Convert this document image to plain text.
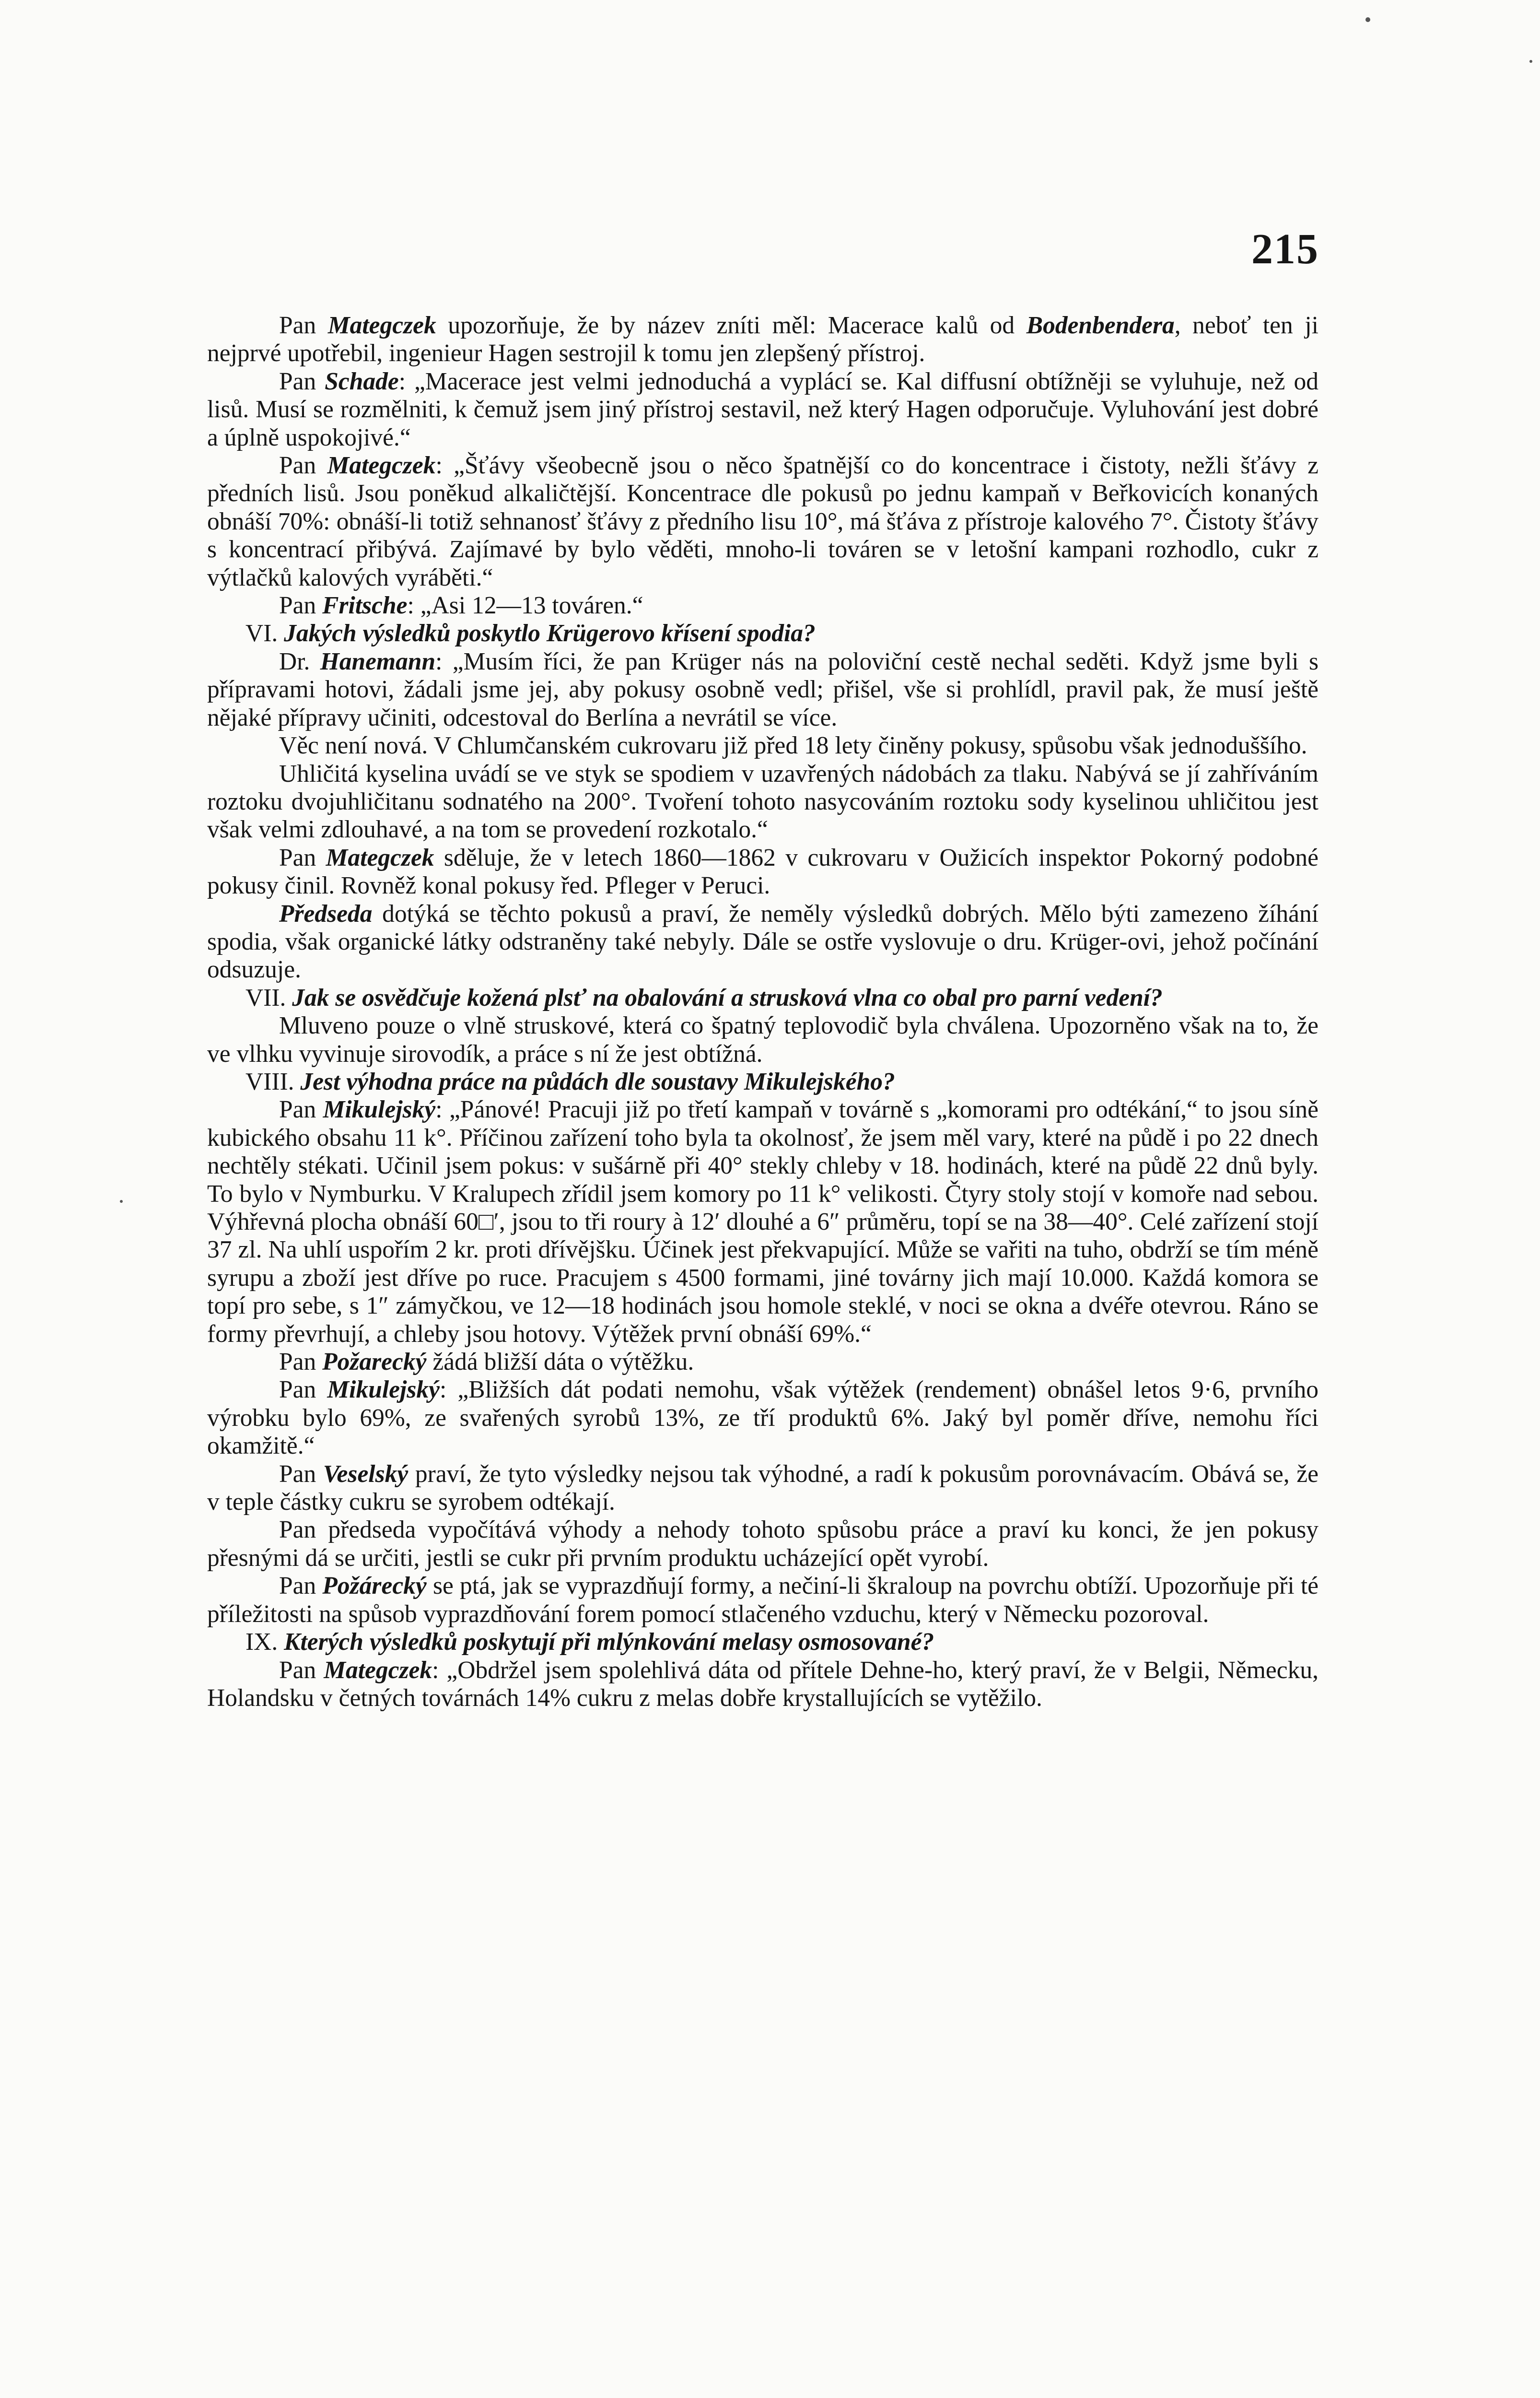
215

Pan Mategczek upozorňuje, že by název zníti měl: Macerace kalů od Bodenbendera, neboť ten ji nejprvé upotřebil, ingenieur Hagen sestrojil k tomu jen zlepšený přístroj.

Pan Schade: „Macerace jest velmi jednoduchá a vyplácí se. Kal diffusní obtížněji se vyluhuje, než od lisů. Musí se rozmělniti, k čemuž jsem jiný přístroj sestavil, než který Hagen odporučuje. Vyluhování jest dobré a úplně uspokojivé.“

Pan Mategczek: „Šťávy všeobecně jsou o něco špatnější co do koncentrace i čistoty, nežli šťávy z předních lisů. Jsou poněkud alkaličtější. Koncentrace dle pokusů po jednu kampaň v Beřkovicích konaných obnáší 70%: obnáší-li totiž sehnanosť šťávy z předního lisu 10°, má šťáva z přístroje kalového 7°. Čistoty šťávy s koncentrací přibývá. Zajímavé by bylo věděti, mnoho-li továren se v letošní kampani rozhodlo, cukr z výtlačků kalových vyráběti.“

Pan Fritsche: „Asi 12—13 továren.“

VI. Jakých výsledků poskytlo Krügerovo křísení spodia?

Dr. Hanemann: „Musím říci, že pan Krüger nás na poloviční cestě nechal seděti. Když jsme byli s přípravami hotovi, žádali jsme jej, aby pokusy osobně vedl; přišel, vše si prohlídl, pravil pak, že musí ještě nějaké přípravy učiniti, odcestoval do Berlína a nevrátil se více.

Věc není nová. V Chlumčanském cukrovaru již před 18 lety činěny pokusy, spůsobu však jednoduššího.

Uhličitá kyselina uvádí se ve styk se spodiem v uzavřených nádobách za tlaku. Nabývá se jí zahříváním roztoku dvojuhličitanu sodnatého na 200°. Tvoření tohoto nasycováním roztoku sody kyselinou uhličitou jest však velmi zdlouhavé, a na tom se provedení rozkotalo.“

Pan Mategczek sděluje, že v letech 1860—1862 v cukrovaru v Oužicích inspektor Pokorný podobné pokusy činil. Rovněž konal pokusy řed. Pfleger v Peruci.

Předseda dotýká se těchto pokusů a praví, že neměly výsledků dobrých. Mělo býti zamezeno žíhání spodia, však organické látky odstraněny také nebyly. Dále se ostře vyslovuje o dru. Krüger-ovi, jehož počínání odsuzuje.

VII. Jak se osvědčuje kožená plsť na obalování a strusková vlna co obal pro parní vedení?

Mluveno pouze o vlně struskové, která co špatný teplovodič byla chválena. Upozorněno však na to, že ve vlhku vyvinuje sirovodík, a práce s ní že jest obtížná.

VIII. Jest výhodna práce na půdách dle soustavy Mikulejského?

Pan Mikulejský: „Pánové! Pracuji již po třetí kampaň v továrně s „komorami pro odtékání,“ to jsou síně kubického obsahu 11 k°. Příčinou zařízení toho byla ta okolnosť, že jsem měl vary, které na půdě i po 22 dnech nechtěly stékati. Učinil jsem pokus: v sušárně při 40° stekly chleby v 18. hodinách, které na půdě 22 dnů byly. To bylo v Nymburku. V Kralupech zřídil jsem komory po 11 k° velikosti. Čtyry stoly stojí v komoře nad sebou. Výhřevná plocha obnáší 60□′, jsou to tři roury à 12′ dlouhé a 6″ průměru, topí se na 38—40°. Celé zařízení stojí 37 zl. Na uhlí uspořím 2 kr. proti dřívějšku. Účinek jest překvapující. Může se vařiti na tuho, obdrží se tím méně syrupu a zboží jest dříve po ruce. Pracujem s 4500 formami, jiné továrny jich mají 10.000. Každá komora se topí pro sebe, s 1″ zámyčkou, ve 12—18 hodinách jsou homole steklé, v noci se okna a dvéře otevrou. Ráno se formy převrhují, a chleby jsou hotovy. Výtěžek první obnáší 69%.“

Pan Požarecký žádá bližší dáta o výtěžku.

Pan Mikulejský: „Bližších dát podati nemohu, však výtěžek (rendement) obnášel letos 9·6, prvního výrobku bylo 69%, ze svařených syrobů 13%, ze tří produktů 6%. Jaký byl poměr dříve, nemohu říci okamžitě.“

Pan Veselský praví, že tyto výsledky nejsou tak výhodné, a radí k pokusům porovnávacím. Obává se, že v teple částky cukru se syrobem odtékají.

Pan předseda vypočítává výhody a nehody tohoto spůsobu práce a praví ku konci, že jen pokusy přesnými dá se určiti, jestli se cukr při prvním produktu ucházející opět vyrobí.

Pan Požárecký se ptá, jak se vyprazdňují formy, a nečiní-li škraloup na povrchu obtíží. Upozorňuje při té příležitosti na spůsob vyprazdňování forem pomocí stlačeného vzduchu, který v Německu pozoroval.

IX. Kterých výsledků poskytují při mlýnkování melasy osmosované?

Pan Mategczek: „Obdržel jsem spolehlivá dáta od přítele Dehne-ho, který praví, že v Belgii, Německu, Holandsku v četných továrnách 14% cukru z melas dobře krystallujících se vytěžilo.
